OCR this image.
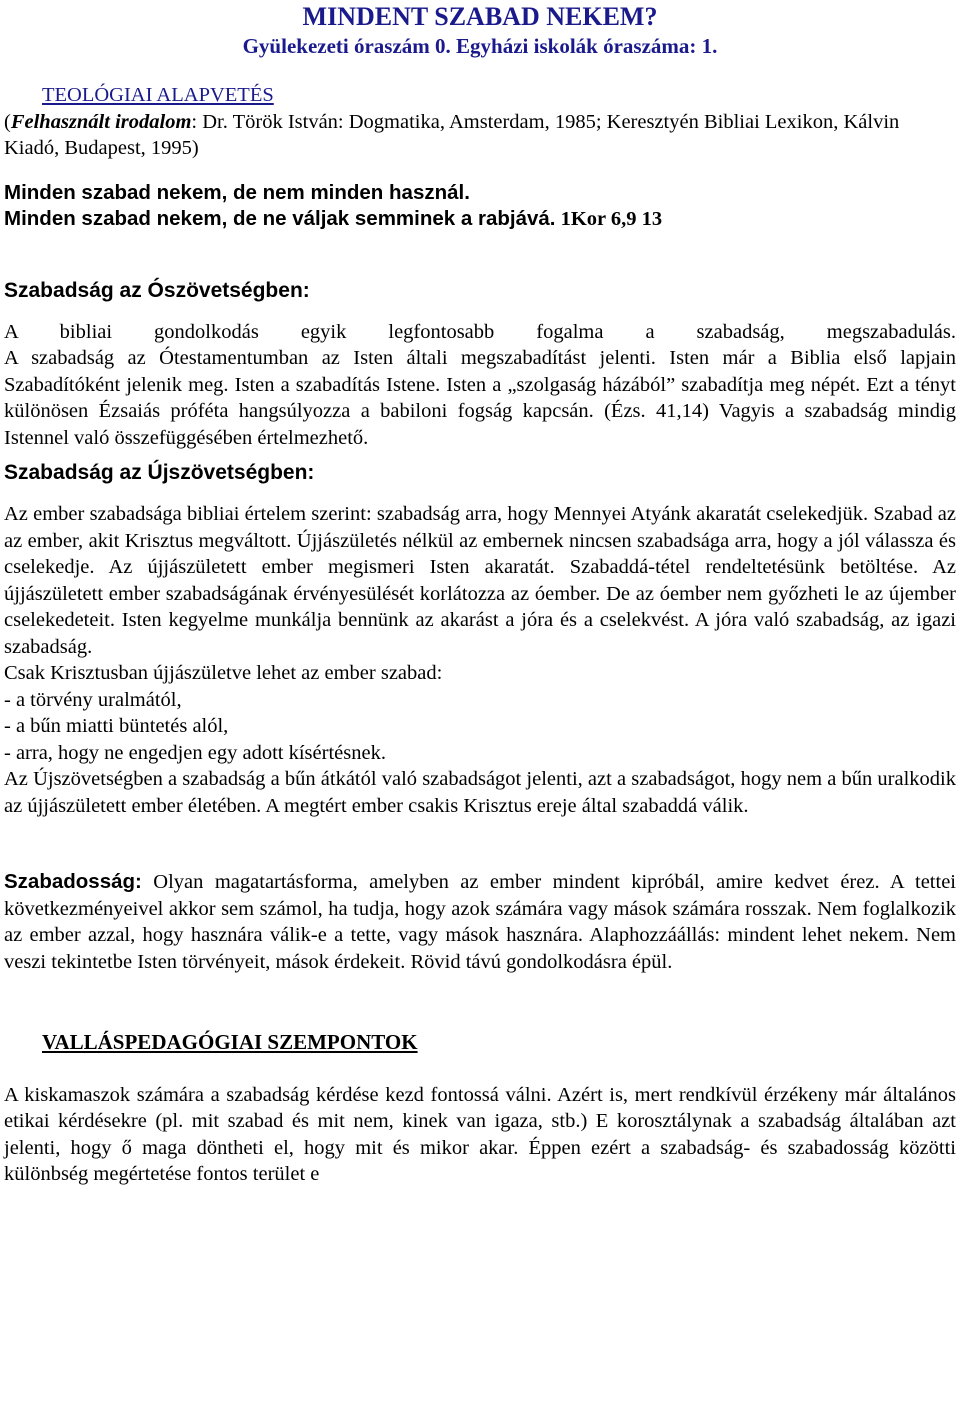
MINDENT SZABAD NEKEM?
Gyülekezeti óraszám 0. Egyházi iskolák óraszáma: 1.
TEOLÓGIAI ALAPVETÉS

(Felhasznált irodalom: Dr. Török István: Dogmatika, Amsterdam, 1985; Keresztyén Bibliai Lexikon, Kálvin Kiadó, Budapest, 1995)

Minden szabad nekem, de nem minden használ.

Minden szabad nekem, de ne váljak semminek a rabjává. 1Kor 6,9 13

Szabadság az Ószövetségben:

A bibliai gondolkodás egyik legfontosabb fogalma a szabadság, megszabadulás.

A szabadság az Ótestamentumban az Isten általi megszabadítást jelenti. Isten már a Biblia első lapjain Szabadítóként jelenik meg. Isten a szabadítás Istene. Isten a „szolgaság házából” szabadítja meg népét. Ezt a tényt különösen Ézsaiás próféta hangsúlyozza a babiloni fogság kapcsán. (Ézs. 41,14) Vagyis a szabadság mindig Istennel való összefüggésében értelmezhető.

Szabadság az Újszövetségben:

Az ember szabadsága bibliai értelem szerint: szabadság arra, hogy Mennyei Atyánk akaratát cselekedjük. Szabad az az ember, akit Krisztus megváltott. Újjászületés nélkül az embernek nincsen szabadsága arra, hogy a jól válassza és cselekedje. Az újjászületett ember megismeri Isten akaratát. Szabaddá-tétel rendeltetésünk betöltése. Az újjászületett ember szabadságának érvényesülését korlátozza az óember. De az óember nem győzheti le az újember cselekedeteit. Isten kegyelme munkálja bennünk az akarást a jóra és a cselekvést. A jóra való szabadság, az igazi szabadság.

Csak Krisztusban újjászületve lehet az ember szabad:

- a törvény uralmától,

- a bűn miatti büntetés alól,

- arra, hogy ne engedjen egy adott kísértésnek.

Az Újszövetségben a szabadság a bűn átkától való szabadságot jelenti, azt a szabadságot, hogy nem a bűn uralkodik az újjászületett ember életében. A megtért ember csakis Krisztus ereje által szabaddá válik.

Szabadosság: Olyan magatartásforma, amelyben az ember mindent kipróbál, amire kedvet érez. A tettei következményeivel akkor sem számol, ha tudja, hogy azok számára vagy mások számára rosszak. Nem foglalkozik az ember azzal, hogy hasznára válik-e a tette, vagy mások hasznára. Alaphozzáállás: mindent lehet nekem. Nem veszi tekintetbe Isten törvényeit, mások érdekeit. Rövid távú gondolkodásra épül.

VALLÁSPEDAGÓGIAI SZEMPONTOK

A kiskamaszok számára a szabadság kérdése kezd fontossá válni. Azért is, mert rendkívül érzékeny már általános etikai kérdésekre (pl. mit szabad és mit nem, kinek van igaza, stb.) E korosztálynak a szabadság általában azt jelenti, hogy ő maga döntheti el, hogy mit és mikor akar. Éppen ezért a szabadság- és szabadosság közötti különbség megértetése fontos terület e
